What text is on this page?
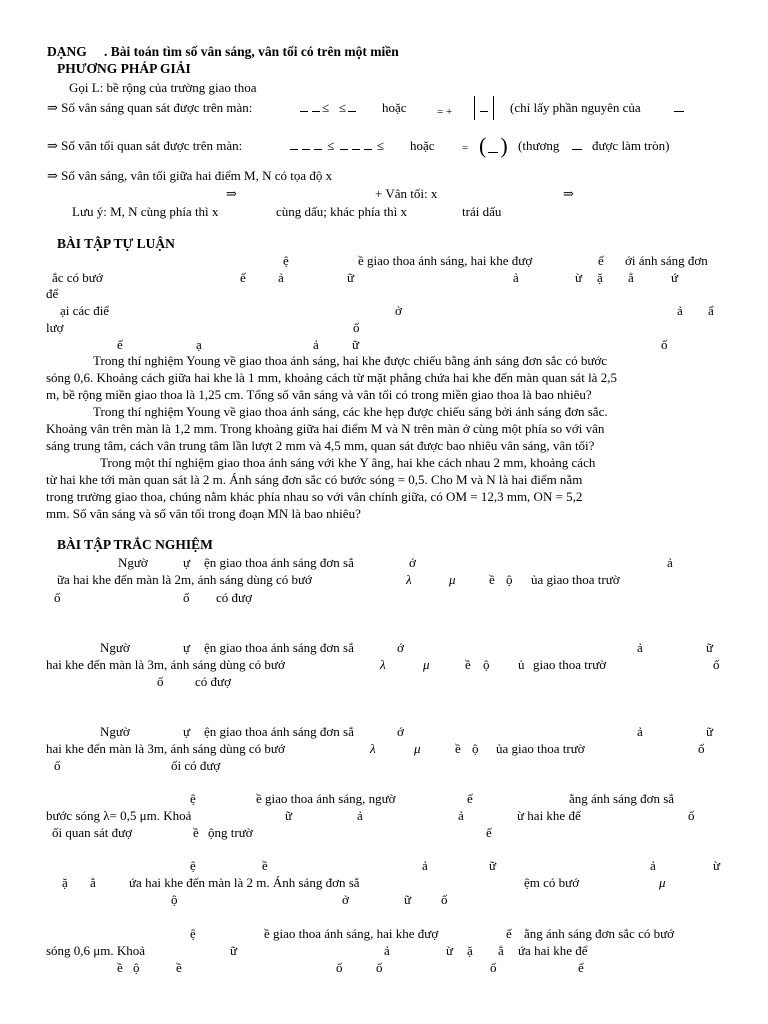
DẠNG . Bài toán tìm số vân sáng, vân tối có trên một miền
PHƯƠNG PHÁP GIẢI
Gọi L: bề rộng của trường giao thoa
⇒ Số vân sáng quan sát được trên màn:	≤   ≤	hoặc	= +	(chỉ lấy phần nguyên của
⇒ Số vân tối quan sát được trên màn:	≤	≤ hoặc = ( ) (thương	được làm tròn)
⇒ Số vân sáng, vân tối giữa hai điểm M, N có tọa độ x
⇒	+ Vân tối: x	⇒
Lưu ý: M, N cùng phía thì x	cùng dấu; khác phía thì x	trái dấu
BÀI TẬP TỰ LUẬN
ệ	ề giao thoa ánh sáng, hai khe đượ	ế ới ánh sáng đơn
ắc có bướ	ế ả	ữ	ả	ừ ặ ẳ	ứ
để
ại các điể	ở	ả ẩ
lượ	ố
ế	ạ	ả	ữ	ố
Trong thí nghiệm Young về giao thoa ánh sáng, hai khe được chiếu bằng ánh sáng đơn sắc có bước
sóng 0,6. Khoảng cách giữa hai khe là 1 mm, khoảng cách từ mặt phẳng chứa hai khe đến màn quan sát là 2,5
m, bề rộng miền giao thoa là 1,25 cm. Tổng số vân sáng và vân tối có trong miền giao thoa là bao nhiêu?
Trong thí nghiệm Young về giao thoa ánh sáng, các khe hẹp được chiếu sáng bởi ánh sáng đơn sắc.
Khoảng vân trên màn là 1,2 mm. Trong khoảng giữa hai điểm M và N trên màn ở cùng một phía so với vân
sáng trung tâm, cách vân trung tâm lần lượt 2 mm và 4,5 mm, quan sát được bao nhiêu vân sáng, vân tối?
Trong một thí nghiệm giao thoa ánh sáng với khe Y âng, hai khe cách nhau 2 mm, khoảng cách
từ hai khe tới màn quan sát là 2 m. Ánh sáng đơn sắc có bước sóng = 0,5. Cho M và N là hai điểm nằm
trong trường giao thoa, chúng nằm khác phía nhau so với vân chính giữa, có OM = 12,3 mm, ON = 5,2
mm. Số vân sáng và số vân tối trong đoạn MN là bao nhiêu?
BÀI TẬP TRẮC NGHIỆM
Ngườ	ự ện giao thoa ánh sáng đơn sắ	ớ	ả
ữa hai khe đến màn là 2m, ánh sáng dùng có bướ	λ	μ	ề ộ ủa giao thoa trườ
ố	ố có đượ
Ngườ	ự ện giao thoa ánh sáng đơn sắ	ớ	ả	ữ
hai khe đến màn là 3m, ánh sáng dùng có bướ	λ	μ	ề ộ ủ giao thoa trườ	ố
ố có đượ
Ngườ	ự ện giao thoa ánh sáng đơn sắ	ớ	ả	ữ
hai khe đến màn là 3m, ánh sáng dùng có bướ	λ	μ	ề ộ ủa giao thoa trườ	ố
ố	ối có đượ
ệ	ề giao thoa ánh sáng, ngườ	ế	ằng ánh sáng đơn sắ
bước sóng λ= 0,5 μm. Khoả	ữ	ả	ả	ừ hai khe để	ố
ối quan sát đượ	ề ộng trườ	ế
ệ	ề	ả	ữ	ả	ừ
ặ ẳ	ứa hai khe đến màn là 2 m. Ánh sáng đơn sắ	ệm có bướ	μ
ộ	ở	ữ ố
ệ	ề giao thoa ánh sáng, hai khe đượ	ế ằng ánh sáng đơn sắc có bướ
sóng 0,6 μm. Khoả	ữ	ả	ừ ặ ẳ ứa hai khe để
ề ộ	ề	ố	ố	ố	ế
